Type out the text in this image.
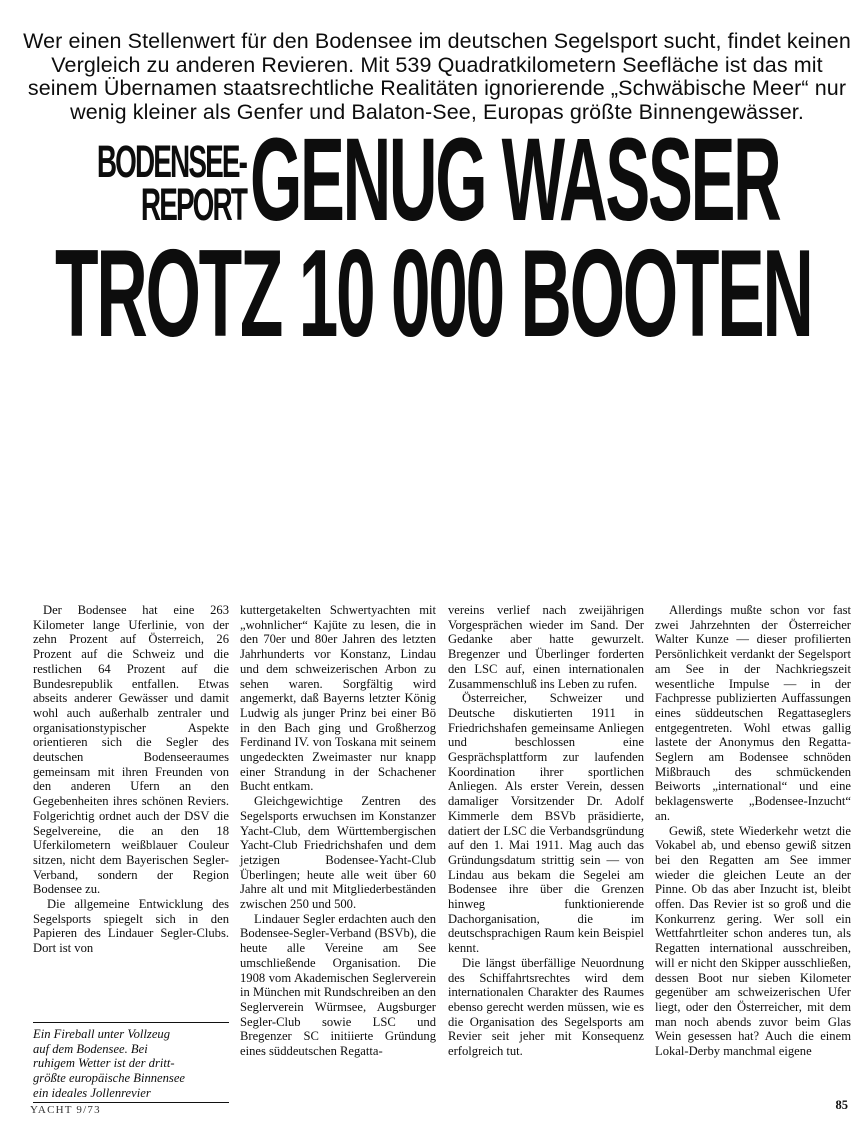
Wer einen Stellenwert für den Bodensee im deutschen Segelsport sucht, findet keinen Vergleich zu anderen Revieren. Mit 539 Quadratkilometern Seefläche ist das mit seinem Übernamen staatsrechtliche Realitäten ignorierende „Schwäbische Meer“ nur wenig kleiner als Genfer und Balaton-See, Europas größte Binnengewässer.
BODENSEE-
REPORT GENUG WASSER
TROTZ 10 000 BOOTEN

Der Bodensee hat eine 263 Kilometer lange Uferlinie, von der zehn Prozent auf Österreich, 26 Prozent auf die Schweiz und die restlichen 64 Prozent auf die Bundesrepublik entfallen. Etwas abseits anderer Gewässer und damit wohl auch außerhalb zentraler und organisationstypischer Aspekte orientieren sich die Segler des deutschen Bodenseeraumes gemeinsam mit ihren Freunden von den anderen Ufern an den Gegebenheiten ihres schönen Reviers. Folgerichtig ordnet auch der DSV die Segelvereine, die an den 18 Uferkilometern weißblauer Couleur sitzen, nicht dem Bayerischen Segler-Verband, sondern der Region Bodensee zu.

Die allgemeine Entwicklung des Segelsports spiegelt sich in den Papieren des Lindauer Segler-Clubs. Dort ist von

kuttergetakelten Schwertyachten mit „wohnlicher“ Kajüte zu lesen, die in den 70er und 80er Jahren des letzten Jahrhunderts vor Konstanz, Lindau und dem schweizerischen Arbon zu sehen waren. Sorgfältig wird angemerkt, daß Bayerns letzter König Ludwig als junger Prinz bei einer Bö in den Bach ging und Großherzog Ferdinand IV. von Toskana mit seinem ungedeckten Zweimaster nur knapp einer Strandung in der Schachener Bucht entkam.

Gleichgewichtige Zentren des Segelsports erwuchsen im Konstanzer Yacht-Club, dem Württembergischen Yacht-Club Friedrichshafen und dem jetzigen Bodensee-Yacht-Club Überlingen; heute alle weit über 60 Jahre alt und mit Mitgliederbeständen zwischen 250 und 500.

Lindauer Segler erdachten auch den Bodensee-Segler-Verband (BSVb), die heute alle Vereine am See umschließende Organisation. Die 1908 vom Akademischen Seglerverein in München mit Rundschreiben an den Seglerverein Würmsee, Augsburger Segler-Club sowie LSC und Bregenzer SC initiierte Gründung eines süddeutschen Regatta-

vereins verlief nach zweijährigen Vorgesprächen wieder im Sand. Der Gedanke aber hatte gewurzelt. Bregenzer und Überlinger forderten den LSC auf, einen internationalen Zusammenschluß ins Leben zu rufen.

Österreicher, Schweizer und Deutsche diskutierten 1911 in Friedrichshafen gemeinsame Anliegen und beschlossen eine Gesprächsplattform zur laufenden Koordination ihrer sportlichen Anliegen. Als erster Verein, dessen damaliger Vorsitzender Dr. Adolf Kimmerle dem BSVb präsidierte, datiert der LSC die Verbandsgründung auf den 1. Mai 1911. Mag auch das Gründungsdatum strittig sein — von Lindau aus bekam die Segelei am Bodensee ihre über die Grenzen hinweg funktionierende Dachorganisation, die im deutschsprachigen Raum kein Beispiel kennt.

Die längst überfällige Neuordnung des Schiffahrtsrechtes wird dem internationalen Charakter des Raumes ebenso gerecht werden müssen, wie es die Organisation des Segelsports am Revier seit jeher mit Konsequenz erfolgreich tut.

Allerdings mußte schon vor fast zwei Jahrzehnten der Österreicher Walter Kunze — dieser profilierten Persönlichkeit verdankt der Segelsport am See in der Nachkriegszeit wesentliche Impulse — in der Fachpresse publizierten Auffassungen eines süddeutschen Regattaseglers entgegentreten. Wohl etwas gallig lastete der Anonymus den Regatta-Seglern am Bodensee schnöden Mißbrauch des schmückenden Beiworts „international“ und eine beklagenswerte „Bodensee-Inzucht“ an.

Gewiß, stete Wiederkehr wetzt die Vokabel ab, und ebenso gewiß sitzen bei den Regatten am See immer wieder die gleichen Leute an der Pinne. Ob das aber Inzucht ist, bleibt offen. Das Revier ist so groß und die Konkurrenz gering. Wer soll ein Wettfahrtleiter schon anderes tun, als Regatten international ausschreiben, will er nicht den Skipper ausschließen, dessen Boot nur sieben Kilometer gegenüber am schweizerischen Ufer liegt, oder den Österreicher, mit dem man noch abends zuvor beim Glas Wein gesessen hat? Auch die einem Lokal-Derby manchmal eigene

Ein Fireball unter Vollzeug
auf dem Bodensee. Bei
ruhigem Wetter ist der dritt-
größte europäische Binnensee
ein ideales Jollenrevier
YACHT 9/73	85
